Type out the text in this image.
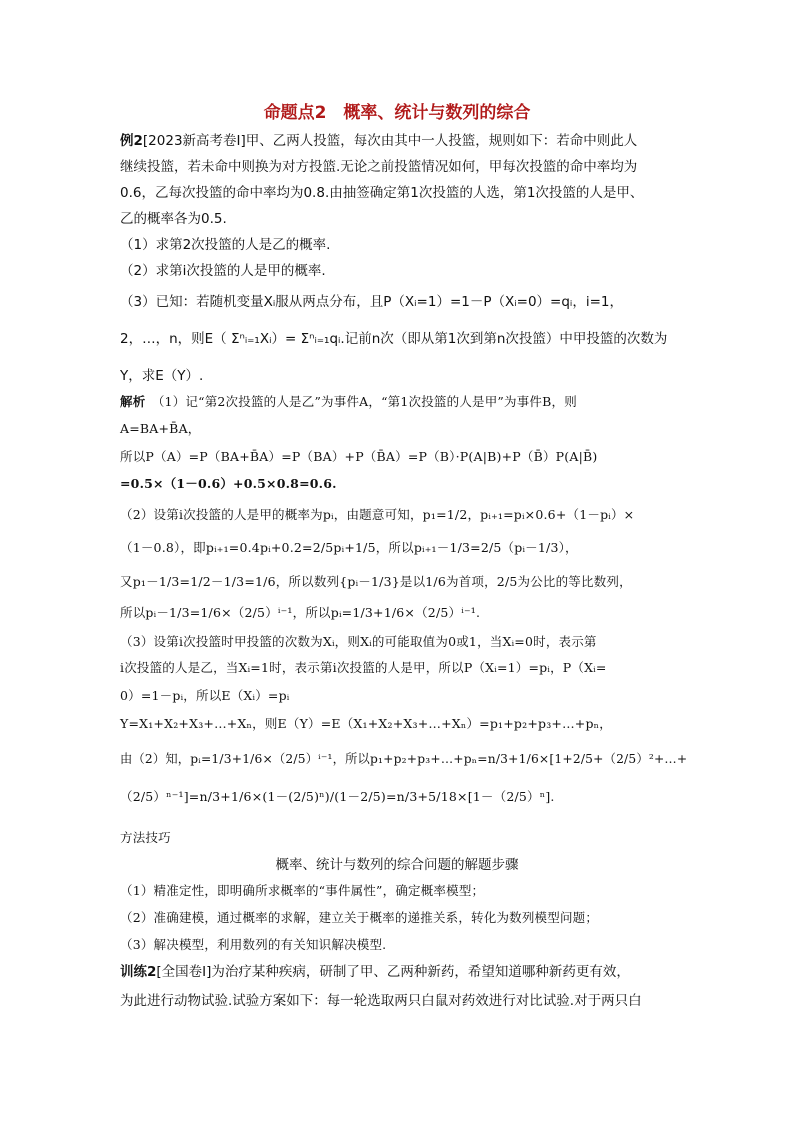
命题点2　概率、统计与数列的综合
例2[2023新高考卷Ⅰ]甲、乙两人投篮，每次由其中一人投篮，规则如下：若命中则此人
继续投篮，若未命中则换为对方投篮.无论之前投篮情况如何，甲每次投篮的命中率均为
0.6，乙每次投篮的命中率均为0.8.由抽签确定第1次投篮的人选，第1次投篮的人是甲、
乙的概率各为0.5.
（1）求第2次投篮的人是乙的概率.
（2）求第i次投篮的人是甲的概率.
（3）已知：若随机变量Xᵢ服从两点分布，且P（Xᵢ=1）=1－P（Xᵢ=0）=qᵢ，i=1，
2，…，n，则E（ Σⁿᵢ₌₁Xᵢ）= Σⁿᵢ₌₁qᵢ.记前n次（即从第1次到第n次投篮）中甲投篮的次数为
Y，求E（Y）.
解析　 （1）记“第2次投篮的人是乙”为事件A，“第1次投篮的人是甲”为事件B，则
A=BA+B̄A，
所以P（A）=P（BA+B̄A）=P（BA）+P（B̄A）=P（B）·P(A|B)+P（B̄）P(A|B̄)
=0.5×（1－0.6）+0.5×0.8=0.6.
（2）设第i次投篮的人是甲的概率为pᵢ，由题意可知，p₁=1/2，pᵢ₊₁=pᵢ×0.6+（1－pᵢ）×
（1－0.8），即pᵢ₊₁=0.4pᵢ+0.2=2/5pᵢ+1/5，所以pᵢ₊₁－1/3=2/5（pᵢ－1/3），
又p₁－1/3=1/2－1/3=1/6，所以数列{pᵢ－1/3}是以1/6为首项，2/5为公比的等比数列，
所以pᵢ－1/3=1/6×（2/5）ⁱ⁻¹，所以pᵢ=1/3+1/6×（2/5）ⁱ⁻¹.
（3）设第i次投篮时甲投篮的次数为Xᵢ，则Xᵢ的可能取值为0或1，当Xᵢ=0时，表示第
i次投篮的人是乙，当Xᵢ=1时，表示第i次投篮的人是甲，所以P（Xᵢ=1）=pᵢ，P（Xᵢ=
0）=1－pᵢ，所以E（Xᵢ）=pᵢ
Y=X₁+X₂+X₃+…+Xₙ，则E（Y）=E（X₁+X₂+X₃+…+Xₙ）=p₁+p₂+p₃+…+pₙ，
由（2）知，pᵢ=1/3+1/6×（2/5）ⁱ⁻¹，所以p₁+p₂+p₃+…+pₙ=n/3+1/6×[1+2/5+（2/5）²+…+
（2/5）ⁿ⁻¹]=n/3+1/6×(1－(2/5)ⁿ)/(1－2/5)=n/3+5/18×[1－（2/5）ⁿ].
方法技巧
概率、统计与数列的综合问题的解题步骤
（1）精准定性，即明确所求概率的“事件属性”，确定概率模型；
（2）准确建模，通过概率的求解，建立关于概率的递推关系，转化为数列模型问题；
（3）解决模型，利用数列的有关知识解决模型.
训练2[全国卷Ⅰ]为治疗某种疾病，研制了甲、乙两种新药，希望知道哪种新药更有效，
为此进行动物试验.试验方案如下：每一轮选取两只白鼠对药效进行对比试验.对于两只白
